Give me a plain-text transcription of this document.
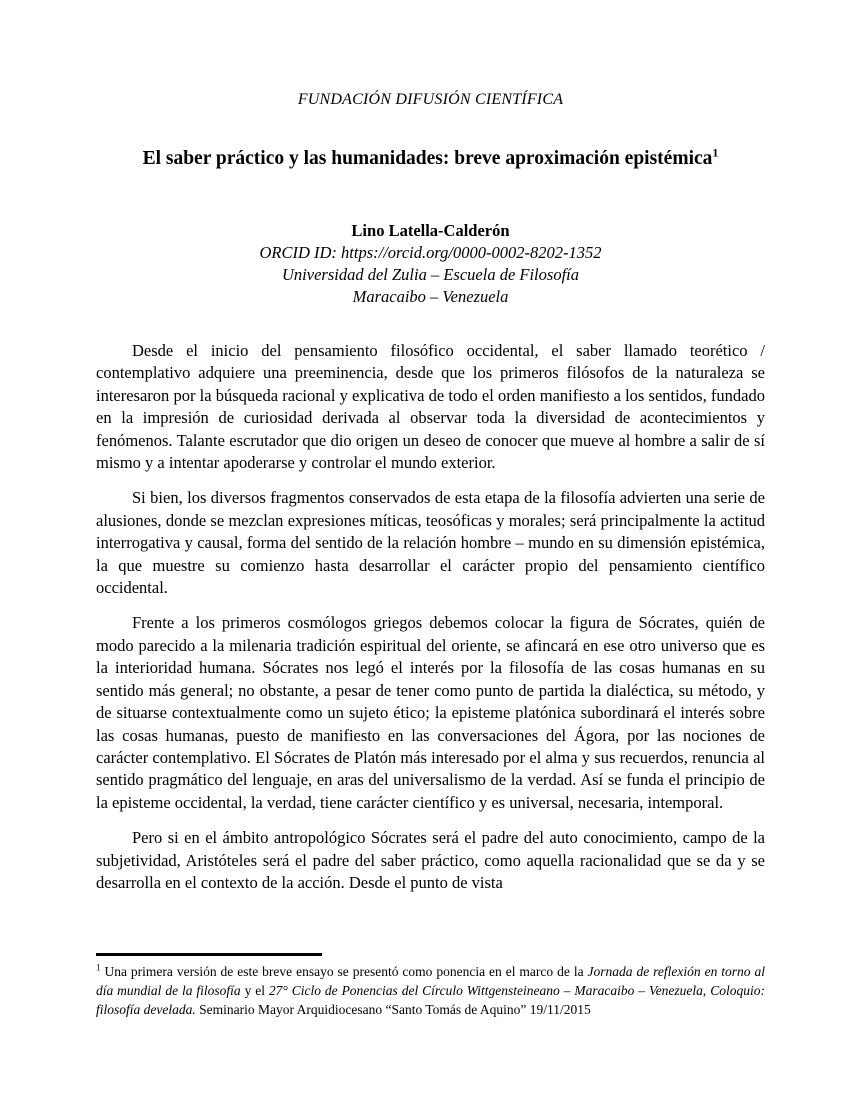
FUNDACIÓN DIFUSIÓN CIENTÍFICA
El saber práctico y las humanidades: breve aproximación epistémica$^1$
Lino Latella-Calderón
ORCID ID: https://orcid.org/0000-0002-8202-1352
Universidad del Zulia – Escuela de Filosofía
Maracaibo – Venezuela

Desde el inicio del pensamiento filosófico occidental, el saber llamado teorético / contemplativo adquiere una preeminencia, desde que los primeros filósofos de la naturaleza se interesaron por la búsqueda racional y explicativa de todo el orden manifiesto a los sentidos, fundado en la impresión de curiosidad derivada al observar toda la diversidad de acontecimientos y fenómenos. Talante escrutador que dio origen un deseo de conocer que mueve al hombre a salir de sí mismo y a intentar apoderarse y controlar el mundo exterior.

Si bien, los diversos fragmentos conservados de esta etapa de la filosofía advierten una serie de alusiones, donde se mezclan expresiones míticas, teosóficas y morales; será principalmente la actitud interrogativa y causal, forma del sentido de la relación hombre – mundo en su dimensión epistémica, la que muestre su comienzo hasta desarrollar el carácter propio del pensamiento científico occidental.

Frente a los primeros cosmólogos griegos debemos colocar la figura de Sócrates, quién de modo parecido a la milenaria tradición espiritual del oriente, se afincará en ese otro universo que es la interioridad humana. Sócrates nos legó el interés por la filosofía de las cosas humanas en su sentido más general; no obstante, a pesar de tener como punto de partida la dialéctica, su método, y de situarse contextualmente como un sujeto ético; la episteme platónica subordinará el interés sobre las cosas humanas, puesto de manifiesto en las conversaciones del Ágora, por las nociones de carácter contemplativo. El Sócrates de Platón más interesado por el alma y sus recuerdos, renuncia al sentido pragmático del lenguaje, en aras del universalismo de la verdad. Así se funda el principio de la episteme occidental, la verdad, tiene carácter científico y es universal, necesaria, intemporal.

Pero si en el ámbito antropológico Sócrates será el padre del auto conocimiento, campo de la subjetividad, Aristóteles será el padre del saber práctico, como aquella racionalidad que se da y se desarrolla en el contexto de la acción. Desde el punto de vista

$^1$ Una primera versión de este breve ensayo se presentó como ponencia en el marco de la Jornada de reflexión en torno al día mundial de la filosofía y el 27° Ciclo de Ponencias del Círculo Wittgensteineano – Maracaibo – Venezuela, Coloquio: filosofía develada. Seminario Mayor Arquidiocesano “Santo Tomás de Aquino” 19/11/2015
